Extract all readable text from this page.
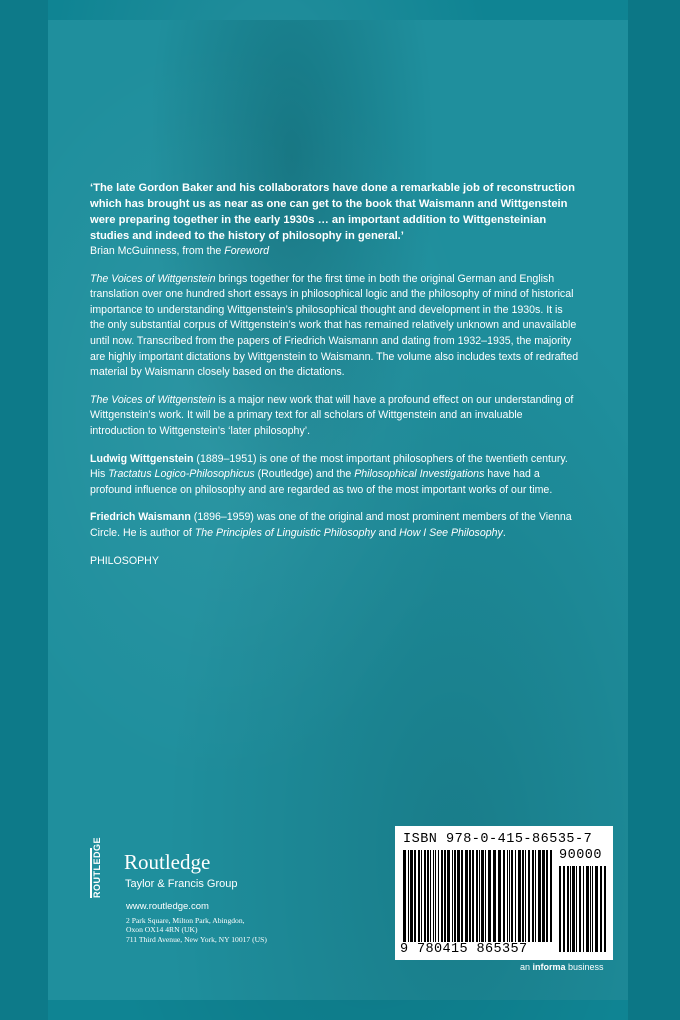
‘The late Gordon Baker and his collaborators have done a remarkable job of reconstruction which has brought us as near as one can get to the book that Waismann and Wittgenstein were preparing together in the early 1930s … an important addition to Wittgensteinian studies and indeed to the history of philosophy in general.’

Brian McGuinness, from the Foreword

The Voices of Wittgenstein brings together for the first time in both the original German and English translation over one hundred short essays in philosophical logic and the philosophy of mind of historical importance to understanding Wittgenstein’s philosophical thought and development in the 1930s. It is the only substantial corpus of Wittgenstein’s work that has remained relatively unknown and unavailable until now. Transcribed from the papers of Friedrich Waismann and dating from 1932–1935, the majority are highly important dictations by Wittgenstein to Waismann. The volume also includes texts of redrafted material by Waismann closely based on the dictations.

The Voices of Wittgenstein is a major new work that will have a profound effect on our understanding of Wittgenstein’s work. It will be a primary text for all scholars of Wittgenstein and an invaluable introduction to Wittgenstein’s ‘later philosophy’.

Ludwig Wittgenstein (1889–1951) is one of the most important philosophers of the twentieth century. His Tractatus Logico-Philosophicus (Routledge) and the Philosophical Investigations have had a profound influence on philosophy and are regarded as two of the most important works of our time.

Friedrich Waismann (1896–1959) was one of the original and most prominent members of the Vienna Circle. He is author of The Principles of Linguistic Philosophy and How I See Philosophy.

PHILOSOPHY

ROUTLEDGE	Routledge
Taylor & Francis Group
www.routledge.com
2 Park Square, Milton Park, Abingdon,
Oxon OX14 4RN (UK)
711 Third Avenue, New York, NY 10017 (US)
ISBN 978-0-415-86535-7
90000
9 780415 865357
an informa business
